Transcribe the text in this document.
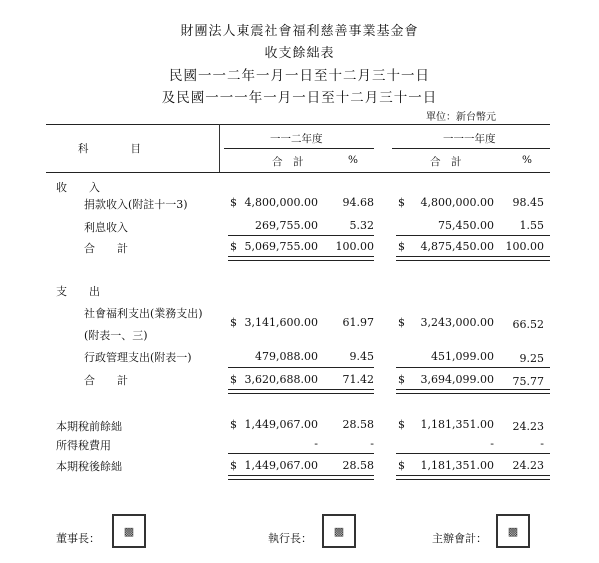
財團法人東震社會福利慈善事業基金會
收支餘絀表
民國一一二年一月一日至十二月三十一日
及民國一一一年一月一日至十二月三十一日
單位：新台幣元
科　　　　目
一一二年度	一一一年度
合　計	%	合　計	%
收　　入
捐款收入(附註十一3)	$ 4,800,000.00	94.68 $	4,800,000.00	98.45
利息收入	269,755.00	5.32	75,450.00	1.55
合　　計	$ 5,069,755.00	100.00 $	4,875,450.00	100.00
支　　出
社會福利支出(業務支出)
(附表一、三)
$ 3,141,600.00	61.97 $	3,243,000.00	66.52
行政管理支出(附表一)	479,088.00	9.45	451,099.00	9.25
合　　計	$ 3,620,688.00	71.42 $	3,694,099.00	75.77
本期稅前餘絀	$ 1,449,067.00	28.58 $	1,181,351.00	24.23
所得稅費用	-	-	-	-
本期稅後餘絀	$ 1,449,067.00	28.58 $	1,181,351.00	24.23
董事長：
▩
執行長：
▩
主辦會計：
▩
